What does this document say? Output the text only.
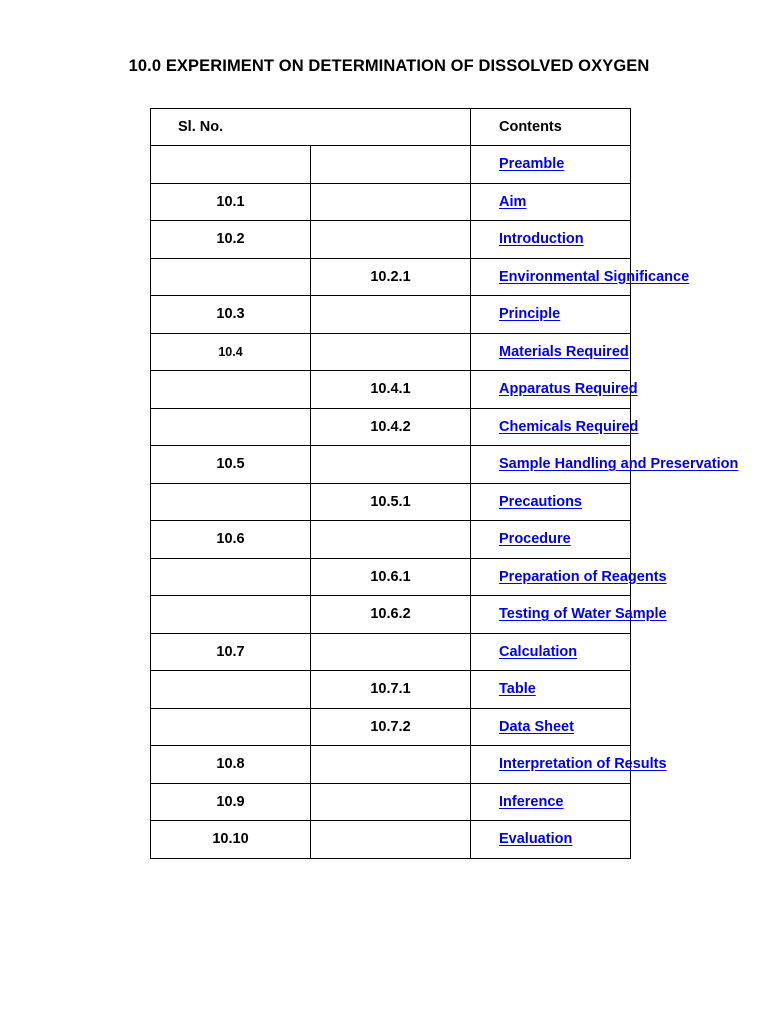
10.0 EXPERIMENT ON DETERMINATION OF DISSOLVED OXYGEN
Sl. No.		Contents
		Preamble
10.1		Aim
10.2		Introduction
	10.2.1	Environmental Significance
10.3		Principle
10.4		Materials Required
	10.4.1	Apparatus Required
	10.4.2	Chemicals Required
10.5		Sample Handling and Preservation
	10.5.1	Precautions
10.6		Procedure
	10.6.1	Preparation of Reagents
	10.6.2	Testing of Water Sample
10.7		Calculation
	10.7.1	Table
	10.7.2	Data Sheet
10.8		Interpretation of Results
10.9		Inference
10.10		Evaluation
